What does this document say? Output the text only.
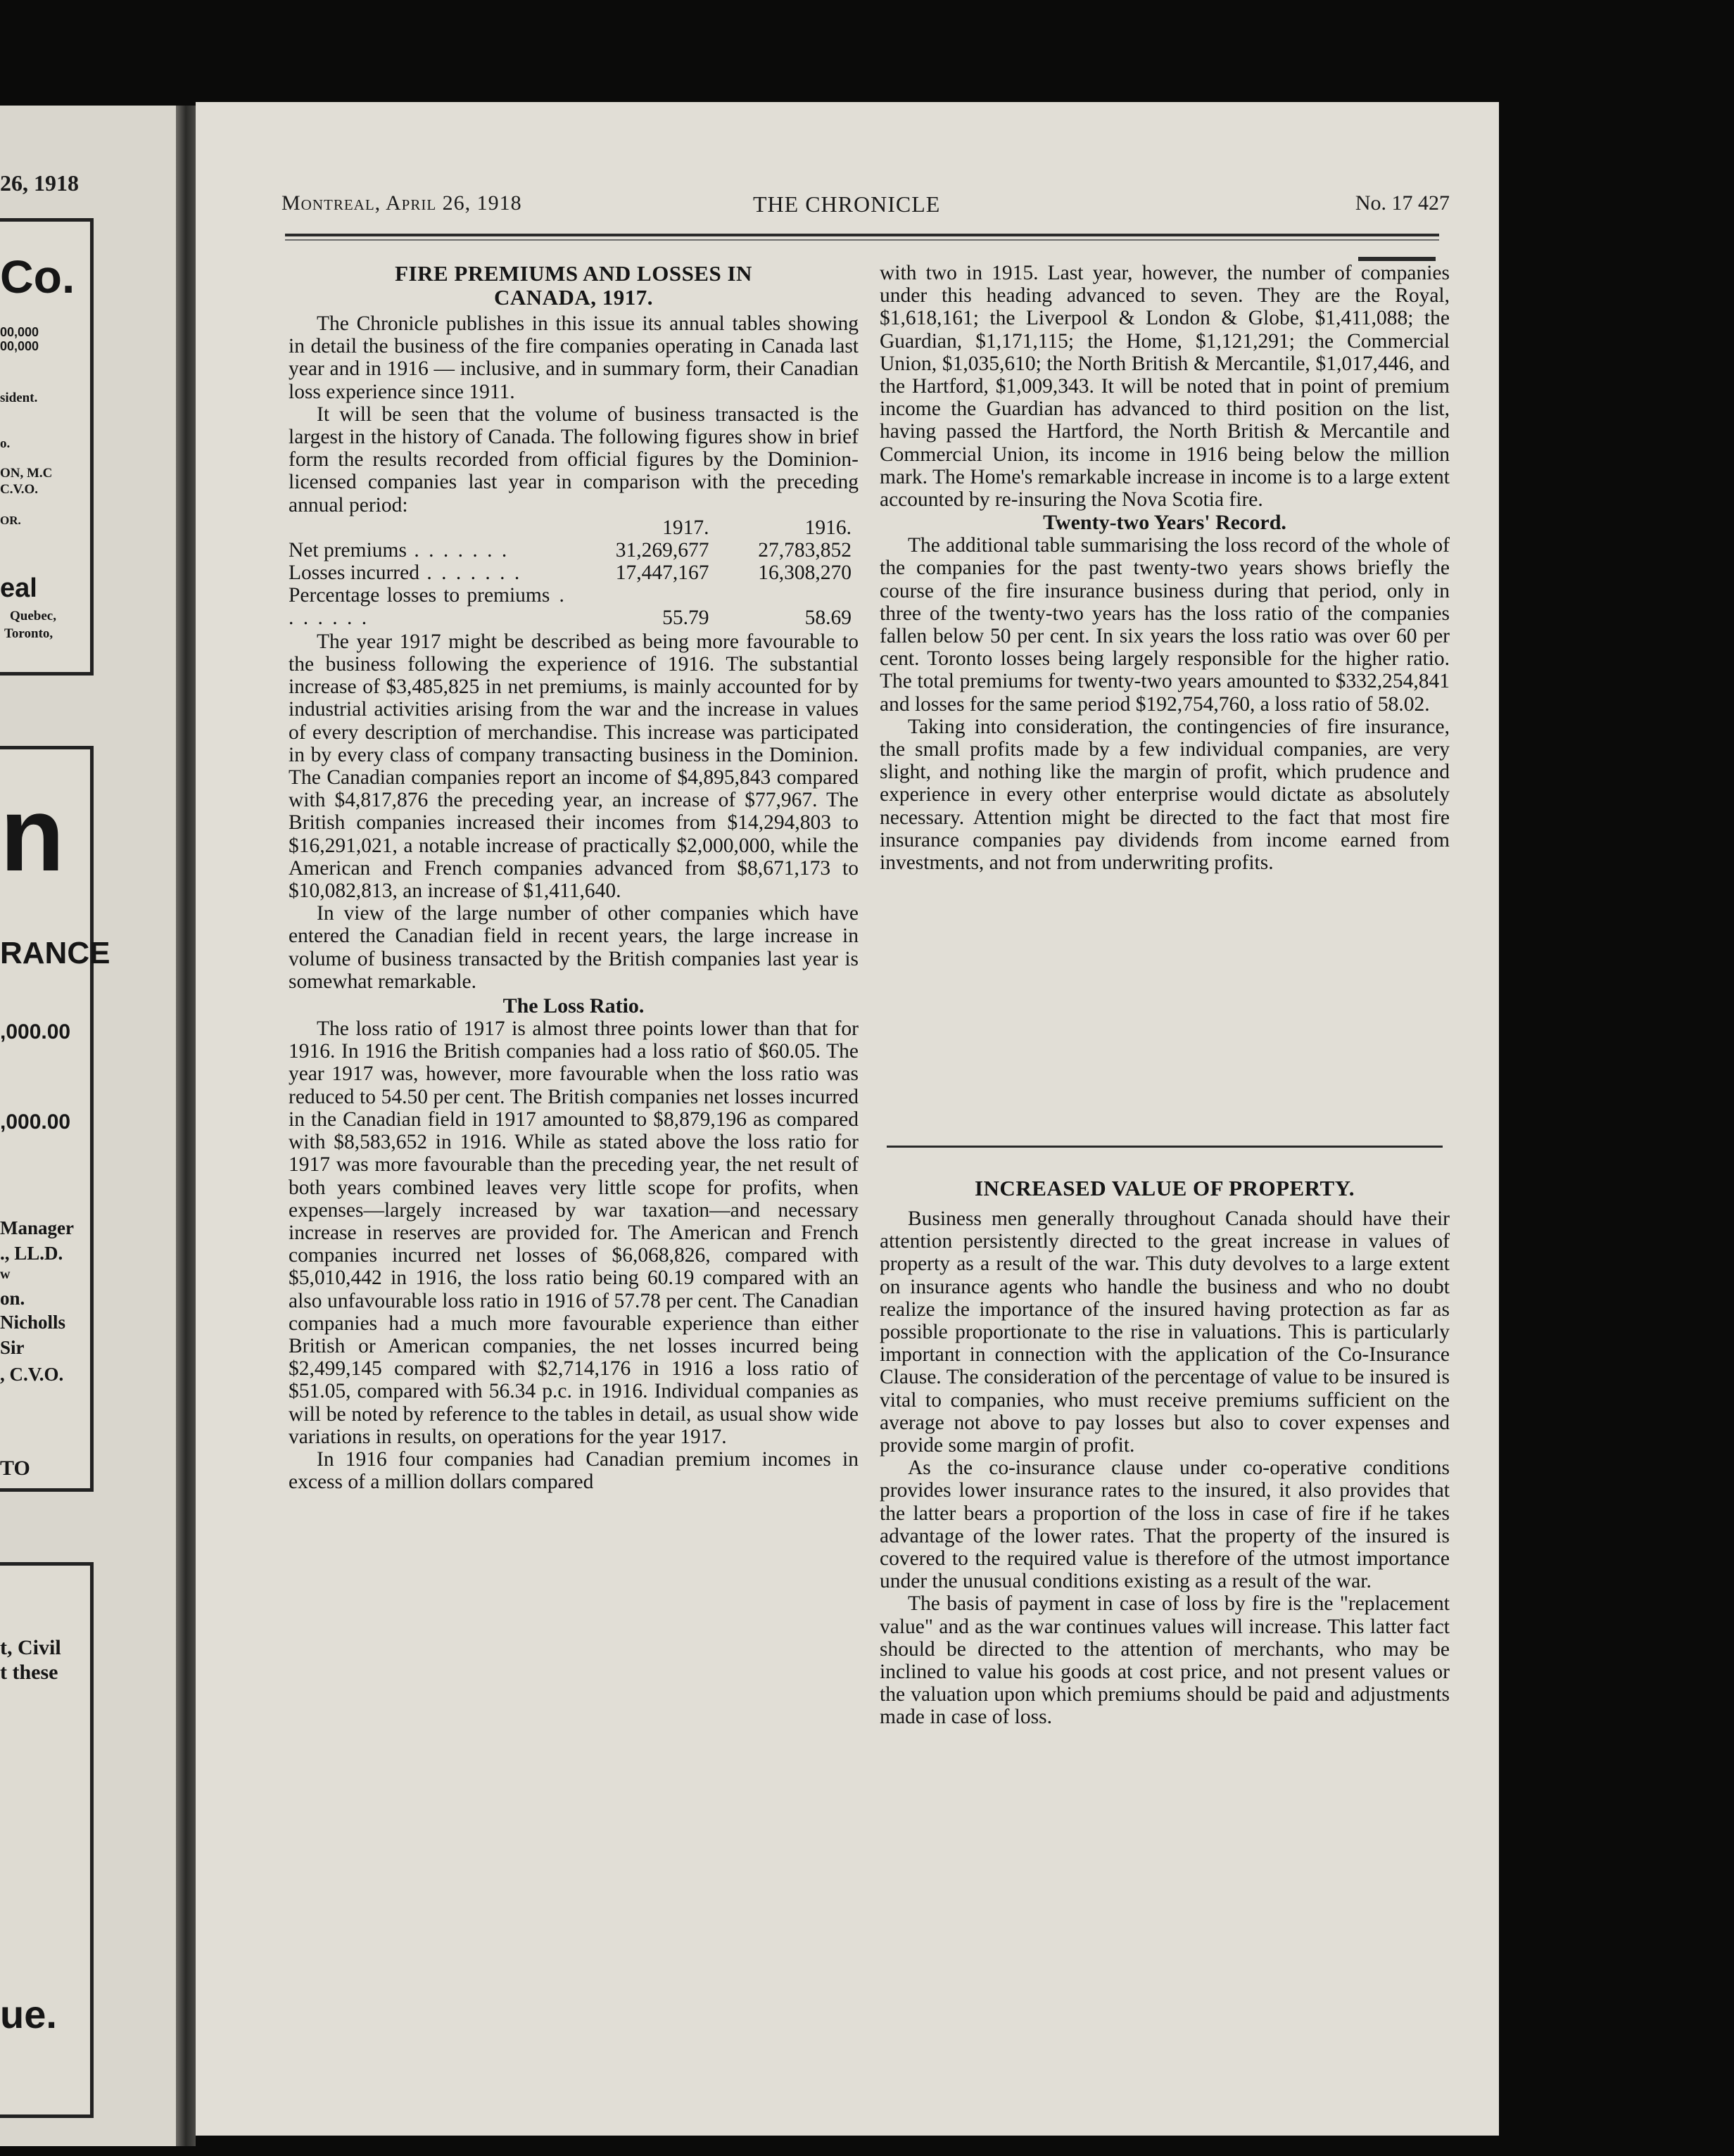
26, 1918
Co.
00,000
00,000
sident.
o.
ON, M.C
C.V.O.
OR.
eal
Quebec,
Toronto,
n
RANCE
,000.00
,000.00
Manager
., LL.D.
w
on.
Nicholls
Sir
, C.V.O.
TO
t, Civil
t these
ue.
Montreal, April 26, 1918	THE CHRONICLE	No. 17 427
FIRE PREMIUMS AND LOSSES IN
CANADA, 1917.

The Chronicle publishes in this issue its annual tables showing in detail the business of the fire companies operating in Canada last year and in 1916 — inclusive, and in summary form, their Canadian loss experience since 1911.

It will be seen that the volume of business transacted is the largest in the history of Canada. The following figures show in brief form the results recorded from official figures by the Dominion-licensed companies last year in comparison with the preceding annual period:

	1917.	1916.
Net premiums . . .	31,269,677	27,783,852
Losses incurred . . .	17,447,167	16,308,270
Percentage losses to premiums . . .	55.79	58.69

The year 1917 might be described as being more favourable to the business following the experience of 1916. The substantial increase of $3,485,825 in net premiums, is mainly accounted for by industrial activities arising from the war and the increase in values of every description of merchandise. This increase was participated in by every class of company transacting business in the Dominion. The Canadian companies report an income of $4,895,843 compared with $4,817,876 the preceding year, an increase of $77,967. The British companies increased their incomes from $14,294,803 to $16,291,021, a notable increase of practically $2,000,000, while the American and French companies advanced from $8,671,173 to $10,082,813, an increase of $1,411,640.

In view of the large number of other companies which have entered the Canadian field in recent years, the large increase in volume of business transacted by the British companies last year is somewhat remarkable.

The Loss Ratio.

The loss ratio of 1917 is almost three points lower than that for 1916. In 1916 the British companies had a loss ratio of $60.05. The year 1917 was, however, more favourable when the loss ratio was reduced to 54.50 per cent. The British companies net losses incurred in the Canadian field in 1917 amounted to $8,879,196 as compared with $8,583,652 in 1916. While as stated above the loss ratio for 1917 was more favourable than the preceding year, the net result of both years combined leaves very little scope for profits, when expenses—largely increased by war taxation—and necessary increase in reserves are provided for. The American and French companies incurred net losses of $6,068,826, compared with $5,010,442 in 1916, the loss ratio being 60.19 compared with an also unfavourable loss ratio in 1916 of 57.78 per cent. The Canadian companies had a much more favourable experience than either British or American companies, the net losses incurred being $2,499,145 compared with $2,714,176 in 1916 a loss ratio of $51.05, compared with 56.34 p.c. in 1916. Individual companies as will be noted by reference to the tables in detail, as usual show wide variations in results, on operations for the year 1917.

In 1916 four companies had Canadian premium incomes in excess of a million dollars compared

with two in 1915. Last year, however, the number of companies under this heading advanced to seven. They are the Royal, $1,618,161; the Liverpool & London & Globe, $1,411,088; the Guardian, $1,171,115; the Home, $1,121,291; the Commercial Union, $1,035,610; the North British & Mercantile, $1,017,446, and the Hartford, $1,009,343. It will be noted that in point of premium income the Guardian has advanced to third position on the list, having passed the Hartford, the North British & Mercantile and Commercial Union, its income in 1916 being below the million mark. The Home's remarkable increase in income is to a large extent accounted by re-insuring the Nova Scotia fire.

Twenty-two Years' Record.

The additional table summarising the loss record of the whole of the companies for the past twenty-two years shows briefly the course of the fire insurance business during that period, only in three of the twenty-two years has the loss ratio of the companies fallen below 50 per cent. In six years the loss ratio was over 60 per cent. Toronto losses being largely responsible for the higher ratio. The total premiums for twenty-two years amounted to $332,254,841 and losses for the same period $192,754,760, a loss ratio of 58.02.

Taking into consideration, the contingencies of fire insurance, the small profits made by a few individual companies, are very slight, and nothing like the margin of profit, which prudence and experience in every other enterprise would dictate as absolutely necessary. Attention might be directed to the fact that most fire insurance companies pay dividends from income earned from investments, and not from underwriting profits.

INCREASED VALUE OF PROPERTY.

Business men generally throughout Canada should have their attention persistently directed to the great increase in values of property as a result of the war. This duty devolves to a large extent on insurance agents who handle the business and who no doubt realize the importance of the insured having protection as far as possible proportionate to the rise in valuations. This is particularly important in connection with the application of the Co-Insurance Clause. The consideration of the percentage of value to be insured is vital to companies, who must receive premiums sufficient on the average not above to pay losses but also to cover expenses and provide some margin of profit.

As the co-insurance clause under co-operative conditions provides lower insurance rates to the insured, it also provides that the latter bears a proportion of the loss in case of fire if he takes advantage of the lower rates. That the property of the insured is covered to the required value is therefore of the utmost importance under the unusual conditions existing as a result of the war.

The basis of payment in case of loss by fire is the "replacement value" and as the war continues values will increase. This latter fact should be directed to the attention of merchants, who may be inclined to value his goods at cost price, and not present values or the valuation upon which premiums should be paid and adjustments made in case of loss.
